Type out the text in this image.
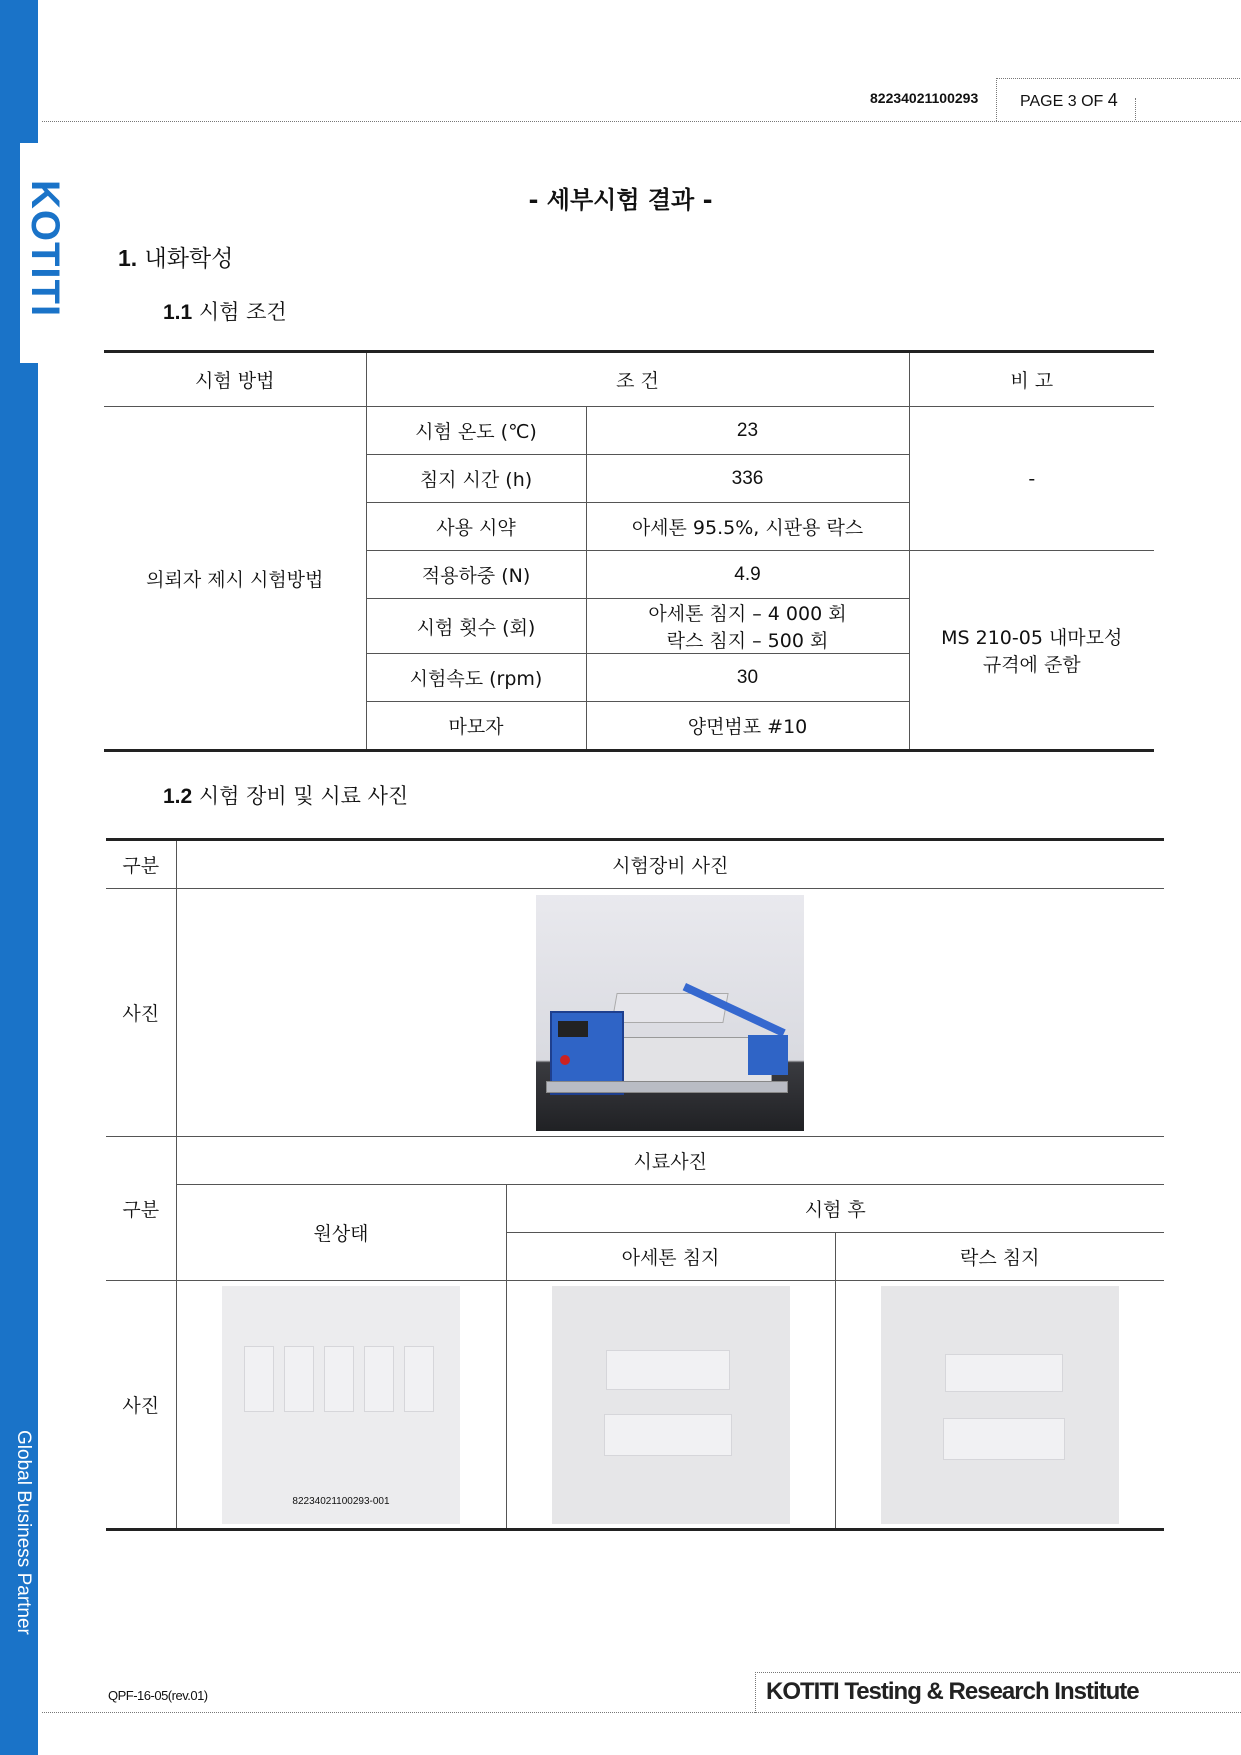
KOTITI
Global Business Partner
82234021100293	PAGE 3 OF 4
- 세부시험 결과 -
1. 내화학성
1.1 시험 조건
시험 방법	조 건		비 고
의뢰자 제시 시험방법	시험 온도 (℃)	23	-
	침지 시간 (h)	336	
	사용 시약	아세톤 95.5%, 시판용 락스	
	적용하중 (N)	4.9	MS 210-05 내마모성
규격에 준함

	시험 횟수 (회)	아세톤 침지 – 4 000 회
락스 침지 – 500 회	

	시험속도 (rpm)	30	
	마모자	양면범포 #10	
1.2 시험 장비 및 시료 사진
구분	시험장비 사진		
사진			

구분	시료사진		
	원상태	시험 후	
		아세톤 침지	락스 침지
사진	82234021100293-001		

QPF-16-05(rev.01)	KOTITI Testing & Research Institute
